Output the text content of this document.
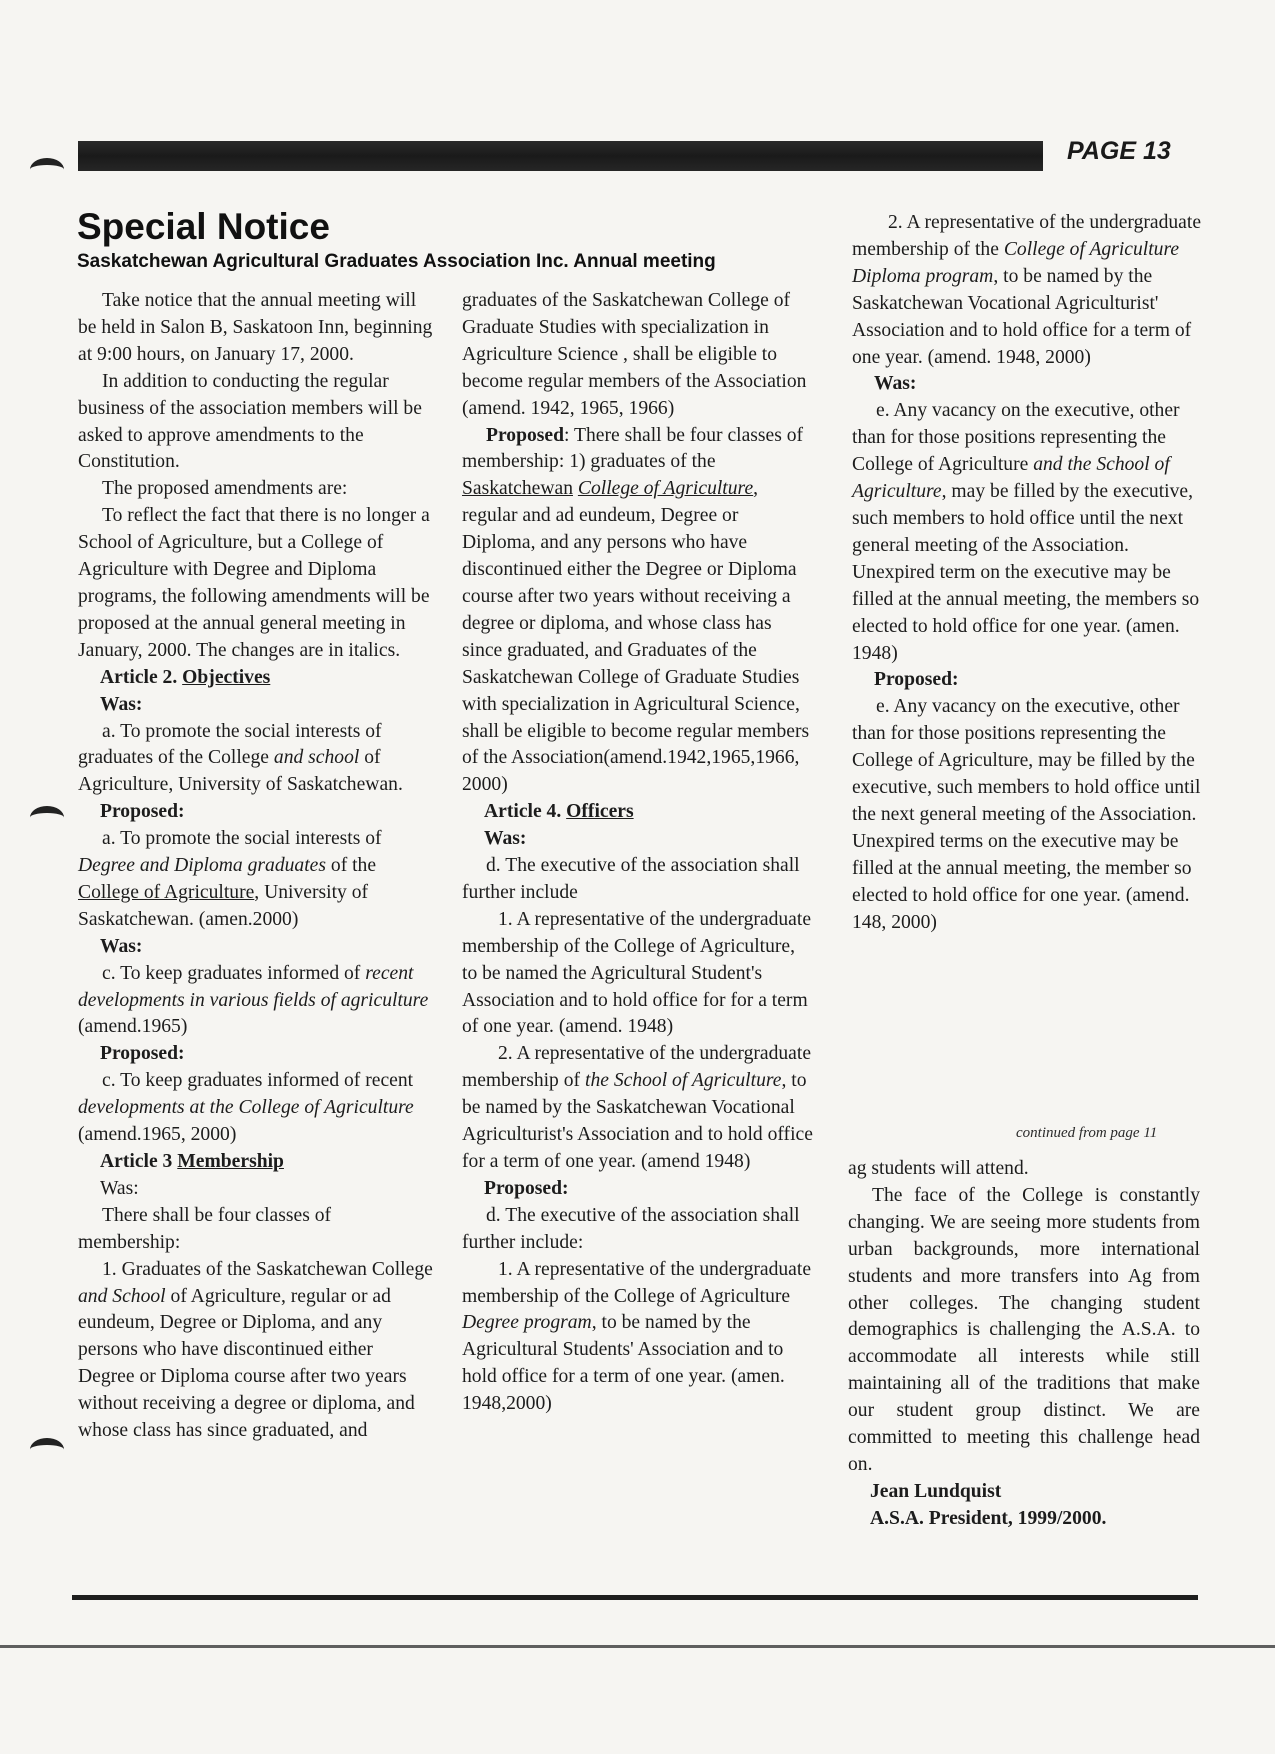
PAGE 13
Special Notice
Saskatchewan Agricultural Graduates Association Inc. Annual meeting

Take notice that the annual meeting will be held in Salon B, Saskatoon Inn, beginning at 9:00 hours, on January 17, 2000.

In addition to conducting the regular business of the association members will be asked to approve amendments to the Constitution.

The proposed amendments are:

To reflect the fact that there is no longer a School of Agriculture, but a College of Agriculture with Degree and Diploma programs, the following amendments will be proposed at the annual general meeting in January, 2000. The changes are in italics.

Article 2. Objectives

Was:

a. To promote the social interests of graduates of the College and school of Agriculture, University of Saskatchewan.

Proposed:

a. To promote the social interests of Degree and Diploma graduates of the College of Agriculture, University of Saskatchewan. (amen.2000)

Was:

c. To keep graduates informed of recent developments in various fields of agriculture (amend.1965)

Proposed:

c. To keep graduates informed of recent developments at the College of Agriculture (amend.1965, 2000)

Article 3 Membership

Was:

There shall be four classes of membership:

1. Graduates of the Saskatchewan College and School of Agriculture, regular or ad eundeum, Degree or Diploma, and any persons who have discontinued either Degree or Diploma course after two years without receiving a degree or diploma, and whose class has since graduated, and

graduates of the Saskatchewan College of Graduate Studies with specialization in Agriculture Science , shall be eligible to become regular members of the Association (amend. 1942, 1965, 1966)

Proposed: There shall be four classes of membership: 1) graduates of the Saskatchewan College of Agriculture, regular and ad eundeum, Degree or Diploma, and any persons who have discontinued either the Degree or Diploma course after two years without receiving a degree or diploma, and whose class has since graduated, and Graduates of the Saskatchewan College of Graduate Studies with specialization in Agricultural Science, shall be eligible to become regular members of the Association(amend.1942,1965,1966, 2000)

Article 4. Officers

Was:

d. The executive of the association shall further include

1. A representative of the undergraduate membership of the College of Agriculture, to be named the Agricultural Student's Association and to hold office for for a term of one year. (amend. 1948)

2. A representative of the undergraduate membership of the School of Agriculture, to be named by the Saskatchewan Vocational Agriculturist's Association and to hold office for a term of one year. (amend 1948)

Proposed:

d. The executive of the association shall further include:

1. A representative of the undergraduate membership of the College of Agriculture Degree program, to be named by the Agricultural Students' Association and to hold office for a term of one year. (amen. 1948,2000)

2. A representative of the undergraduate membership of the College of Agriculture Diploma program, to be named by the Saskatchewan Vocational Agriculturist' Association and to hold office for a term of one year. (amend. 1948, 2000)

Was:

e. Any vacancy on the executive, other than for those positions representing the College of Agriculture and the School of Agriculture, may be filled by the executive, such members to hold office until the next general meeting of the Association. Unexpired term on the executive may be filled at the annual meeting, the members so elected to hold office for one year. (amen. 1948)

Proposed:

e. Any vacancy on the executive, other than for those positions representing the College of Agriculture, may be filled by the executive, such members to hold office until the next general meeting of the Association. Unexpired terms on the executive may be filled at the annual meeting, the member so elected to hold office for one year. (amend. 148, 2000)

continued from page 11

ag students will attend.

The face of the College is constantly changing. We are seeing more students from urban backgrounds, more international students and more transfers into Ag from other colleges. The changing student demographics is challenging the A.S.A. to accommodate all interests while still maintaining all of the traditions that make our student group distinct. We are committed to meeting this challenge head on.

Jean Lundquist

A.S.A. President, 1999/2000.
